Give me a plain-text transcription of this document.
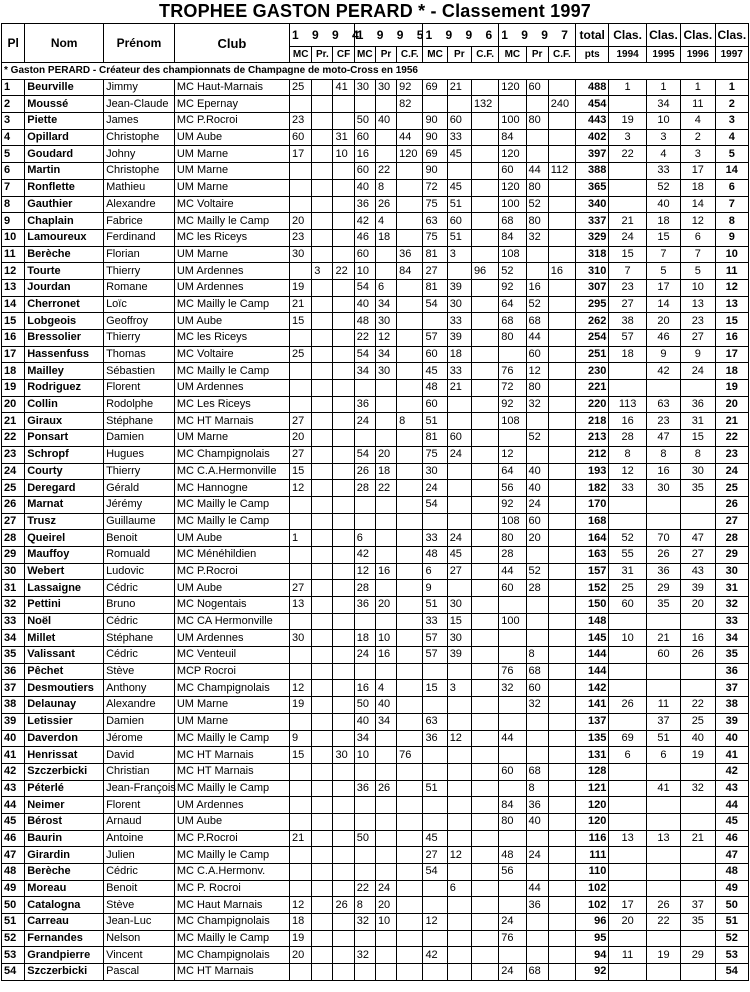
TROPHEE GASTON PERARD * - Classement 1997
Pl	Nom	Prénom	Club	1 9 9 4			1 9 9 5			1 9 9 6			1 9 9 7			total	Clas.	Clas.	Clas.	Clas.
				MC	Pr.	CF	MC	Pr	C.F.	MC	Pr	C.F.	MC	Pr	C.F.	pts	1994	1995	1996	1997
* Gaston PERARD - Créateur des championnats de Champagne de moto-Cross en 1956																				
1	Beurville	Jimmy	MC Haut-Marnais	25		41	30	30	92	69	21		120	60		488	1	1	1	1
2	Moussé	Jean-Claude	MC Epernay						82			132			240	454		34	11	2
3	Piette	James	MC P.Rocroi	23			50	40		90	60		100	80		443	19	10	4	3
4	Opillard	Christophe	UM Aube	60		31	60		44	90	33		84			402	3	3	2	4
5	Goudard	Johny	UM Marne	17		10	16		120	69	45		120			397	22	4	3	5
6	Martin	Christophe	UM Marne				60	22		90			60	44	112	388		33	17	14
7	Ronflette	Mathieu	UM Marne				40	8		72	45		120	80		365		52	18	6
8	Gauthier	Alexandre	MC Voltaire				36	26		75	51		100	52		340		40	14	7
9	Chaplain	Fabrice	MC Mailly le Camp	20			42	4		63	60		68	80		337	21	18	12	8
10	Lamoureux	Ferdinand	MC les Riceys	23			46	18		75	51		84	32		329	24	15	6	9
11	Berèche	Florian	UM Marne	30			60		36	81	3		108			318	15	7	7	10
12	Tourte	Thierry	UM Ardennes		3	22	10		84	27		96	52		16	310	7	5	5	11
13	Jourdan	Romane	UM Ardennes	19			54	6		81	39		92	16		307	23	17	10	12
14	Cherronet	Loïc	MC Mailly le Camp	21			40	34		54	30		64	52		295	27	14	13	13
15	Lobgeois	Geoffroy	UM Aube	15			48	30			33		68	68		262	38	20	23	15
16	Bressolier	Thierry	MC les Riceys				22	12		57	39		80	44		254	57	46	27	16
17	Hassenfuss	Thomas	MC Voltaire	25			54	34		60	18			60		251	18	9	9	17
18	Mailley	Sébastien	MC Mailly le Camp				34	30		45	33		76	12		230		42	24	18
19	Rodriguez	Florent	UM Ardennes							48	21		72	80		221				19
20	Collin	Rodolphe	MC Les Riceys				36			60			92	32		220	113	63	36	20
21	Giraux	Stéphane	MC HT Marnais	27			24		8	51			108			218	16	23	31	21
22	Ponsart	Damien	UM Marne	20						81	60			52		213	28	47	15	22
23	Schropf	Hugues	MC Champignolais	27			54	20		75	24		12			212	8	8	8	23
24	Courty	Thierry	MC C.A.Hermonville	15			26	18		30			64	40		193	12	16	30	24
25	Deregard	Gérald	MC Hannogne	12			28	22		24			56	40		182	33	30	35	25
26	Marnat	Jérémy	MC Mailly le Camp							54			92	24		170				26
27	Trusz	Guillaume	MC Mailly le Camp										108	60		168				27
28	Queirel	Benoit	UM Aube	1			6			33	24		80	20		164	52	70	47	28
29	Mauffoy	Romuald	MC Ménéhildien				42			48	45		28			163	55	26	27	29
30	Webert	Ludovic	MC P.Rocroi				12	16		6	27		44	52		157	31	36	43	30
31	Lassaigne	Cédric	UM Aube	27			28			9			60	28		152	25	29	39	31
32	Pettini	Bruno	MC Nogentais	13			36	20		51	30					150	60	35	20	32
33	Noël	Cédric	MC CA Hermonville							33	15		100			148				33
34	Millet	Stéphane	UM Ardennes	30			18	10		57	30					145	10	21	16	34
35	Valissant	Cédric	MC Venteuil				24	16		57	39			8		144		60	26	35
36	Pêchet	Stève	MCP Rocroi										76	68		144				36
37	Desmoutiers	Anthony	MC Champignolais	12			16	4		15	3		32	60		142				37
38	Delaunay	Alexandre	UM Marne	19			50	40						32		141	26	11	22	38
39	Letissier	Damien	UM Marne				40	34		63						137		37	25	39
40	Daverdon	Jérome	MC Mailly le Camp	9			34			36	12		44			135	69	51	40	40
41	Henrissat	David	MC HT Marnais	15		30	10		76							131	6	6	19	41
42	Szczerbicki	Christian	MC HT Marnais										60	68		128				42
43	Péterlé	Jean-François	MC Mailly le Camp				36	26		51				8		121		41	32	43
44	Neimer	Florent	UM Ardennes										84	36		120				44
45	Bérost	Arnaud	UM Aube										80	40		120				45
46	Baurin	Antoine	MC P.Rocroi	21			50			45						116	13	13	21	46
47	Girardin	Julien	MC Mailly le Camp							27	12		48	24		111				47
48	Berèche	Cédric	MC C.A.Hermonv.							54			56			110				48
49	Moreau	Benoit	MC P. Rocroi				22	24			6			44		102				49
50	Catalogna	Stève	MC Haut Marnais	12		26	8	20						36		102	17	26	37	50
51	Carreau	Jean-Luc	MC Champignolais	18			32	10		12			24			96	20	22	35	51
52	Fernandes	Nelson	MC Mailly le Camp	19									76			95				52
53	Grandpierre	Vincent	MC Champignolais	20			32			42						94	11	19	29	53
54	Szczerbicki	Pascal	MC HT Marnais										24	68		92				54
